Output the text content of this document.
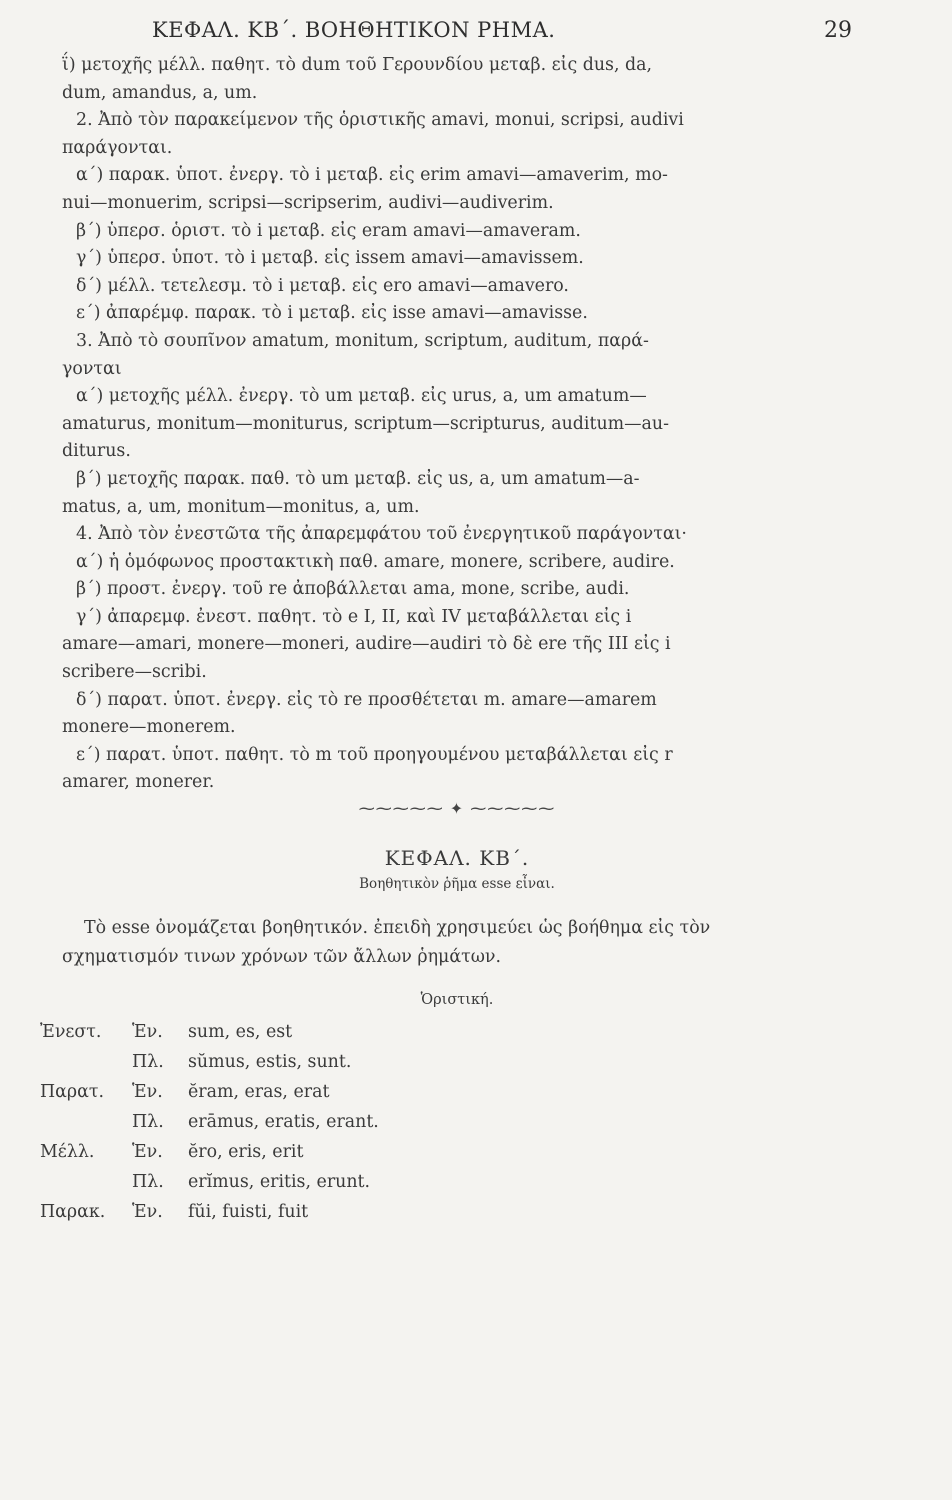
ΚΕΦΑΛ. ΚΒ΄. ΒΟΗΘΗΤΙΚΟΝ ΡΗΜΑ.	29

ΐ) μετοχῆς μέλλ. παθητ. τὸ dum τοῦ Γερουνδίου μεταβ. εἰς dus, da,

dum, amandus, a, um.

2. Ἀπὸ τὸν παρακείμενον τῆς ὁριστικῆς amavi, monui, scripsi, audivi

παράγονται.

α΄) παρακ. ὑποτ. ἐνεργ. τὸ i μεταβ. εἰς erim amavi—amaverim, mo-

nui—monuerim, scripsi—scripserim, audivi—audiverim.

β΄) ὑπερσ. ὁριστ. τὸ i μεταβ. εἰς eram amavi—amaveram.

γ΄) ὑπερσ. ὑποτ. τὸ i μεταβ. εἰς issem amavi—amavissem.

δ΄) μέλλ. τετελεσμ. τὸ i μεταβ. εἰς ero amavi—amavero.

ε΄) ἀπαρέμφ. παρακ. τὸ i μεταβ. εἰς isse amavi—amavisse.

3. Ἀπὸ τὸ σουπῖνον amatum, monitum, scriptum, auditum, παρά-

γονται

α΄) μετοχῆς μέλλ. ἐνεργ. τὸ um μεταβ. εἰς urus, a, um amatum—

amaturus, monitum—moniturus, scriptum—scripturus, auditum—au-

diturus.

β΄) μετοχῆς παρακ. παθ. τὸ um μεταβ. εἰς us, a, um amatum—a-

matus, a, um, monitum—monitus, a, um.

4. Ἀπὸ τὸν ἐνεστῶτα τῆς ἀπαρεμφάτου τοῦ ἐνεργητικοῦ παράγονται·

α΄) ἡ ὁμόφωνος προστακτικὴ παθ. amare, monere, scribere, audire.

β΄) προστ. ἐνεργ. τοῦ re ἀποβάλλεται ama, mone, scribe, audi.

γ΄) ἀπαρεμφ. ἐνεστ. παθητ. τὸ e I, II, καὶ IV μεταβάλλεται εἰς i

amare—amari, monere—moneri, audire—audiri τὸ δὲ ere τῆς III εἰς i

scribere—scribi.

δ΄) παρατ. ὑποτ. ἐνεργ. εἰς τὸ re προσθέτεται m. amare—amarem

monere—monerem.

ε΄) παρατ. ὑποτ. παθητ. τὸ m τοῦ προηγουμένου μεταβάλλεται εἰς r

amarer, monerer.

⁓⁓⁓⁓⁓ ✦ ⁓⁓⁓⁓⁓
ΚΕΦΑΛ. ΚΒ΄.
Βοηθητικὸν ῥῆμα esse εἶναι.

Τὸ esse ὀνομάζεται βοηθητικόν. ἐπειδὴ χρησιμεύει ὡς βοήθημα εἰς τὸν
σχηματισμόν τινων χρόνων τῶν ἄλλων ῥημάτων.

Ὁριστική.
Ἐνεστ.	Ἑν.	sum, es, est
	Πλ.	sŭmus, estis, sunt.
Παρατ.	Ἑν.	ĕram, eras, erat
	Πλ.	erāmus, eratis, erant.
Μέλλ.	Ἑν.	ĕro, eris, erit
	Πλ.	erĭmus, eritis, erunt.
Παρακ.	Ἑν.	fŭi, fuisti, fuit
